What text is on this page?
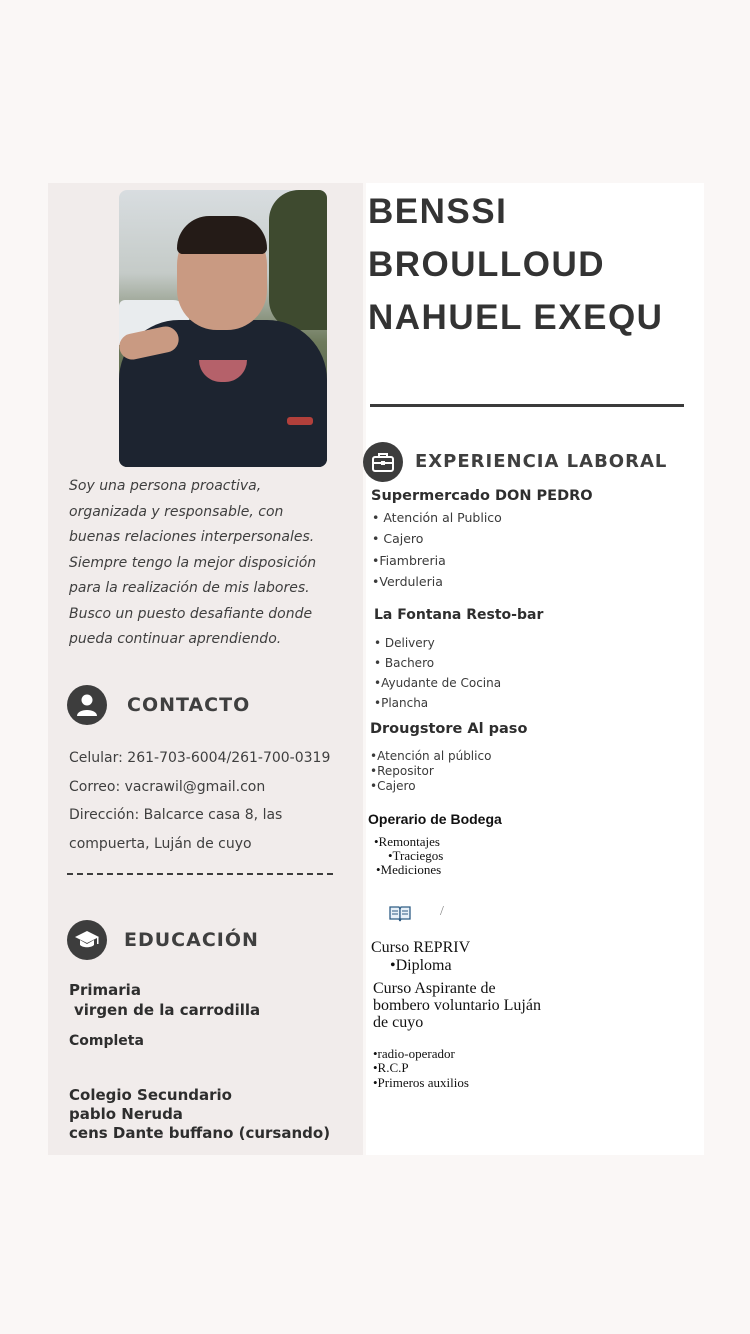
Soy una persona proactiva,
organizada y responsable, con
buenas relaciones interpersonales.
Siempre tengo la mejor disposición
para la realización de mis labores.
Busco un puesto desafiante donde
pueda continuar aprendiendo.

CONTACTO

Celular: 261-703-6004/261-700-0319

Correo: vacrawil@gmail.con

Dirección: Balcarce casa 8, las

compuerta, Luján de cuyo

EDUCACIÓN

Primaria

virgen de la carrodilla

Completa

Colegio Secundario

pablo Neruda

cens Dante buffano (cursando)

BENSSI
BROULLOUD
NAHUEL EXEQU
EXPERIENCIA LABORAL

Supermercado DON PEDRO

• Atención al Publico

• Cajero

•Fiambreria

•Verduleria

La Fontana Resto-bar

• Delivery

• Bachero

•Ayudante de Cocina

•Plancha

Drougstore Al paso

•Atención al público

•Repositor

•Cajero

Operario de Bodega

•Remontajes

•Traciegos

•Mediciones

/

Curso REPRIV

•Diploma

Curso Aspirante de
bombero voluntario Luján
de cuyo

•radio-operador

•R.C.P

•Primeros auxilios
